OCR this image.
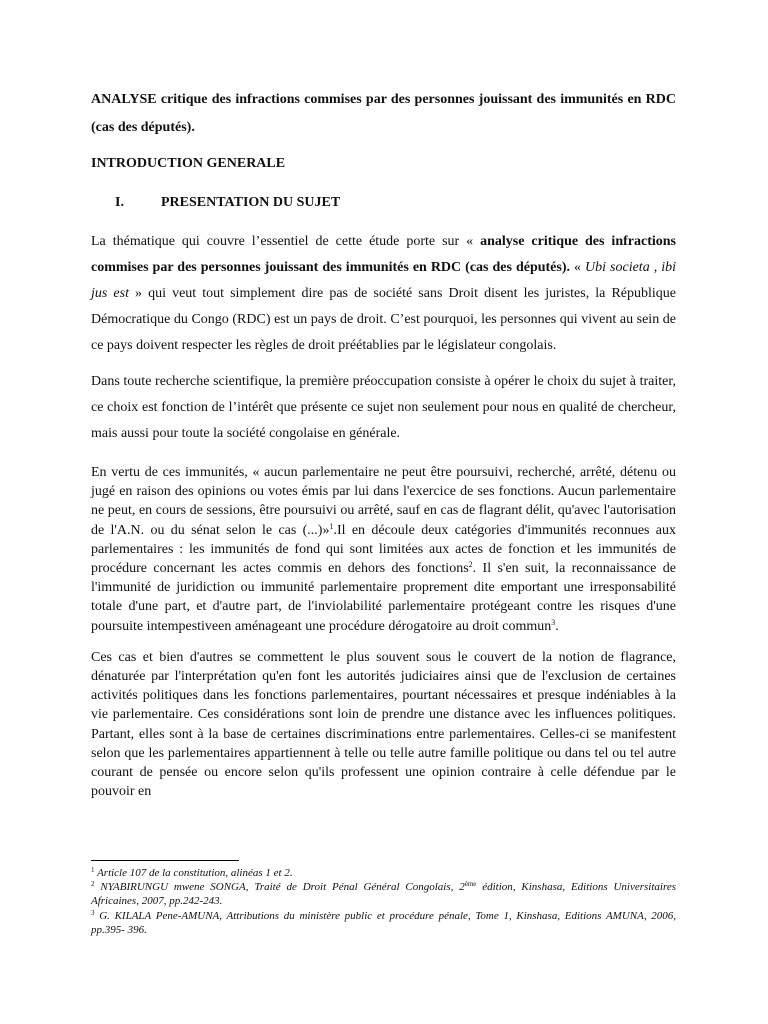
ANALYSE critique des infractions commises par des personnes jouissant des immunités en RDC (cas des députés).

INTRODUCTION GENERALE

I.	PRESENTATION DU SUJET

La thématique qui couvre l’essentiel de cette étude porte sur « analyse critique des infractions commises par des personnes jouissant des immunités en RDC (cas des députés). « Ubi societa , ibi jus est » qui veut tout simplement dire pas de société sans Droit disent les juristes, la République Démocratique du Congo (RDC) est un pays de droit. C’est pourquoi, les personnes qui vivent au sein de ce pays doivent respecter les règles de droit préétablies par le législateur congolais.

Dans toute recherche scientifique, la première préoccupation consiste à opérer le choix du sujet à traiter, ce choix est fonction de l’intérêt que présente ce sujet non seulement pour nous en qualité de chercheur, mais aussi pour toute la société congolaise en générale.

En vertu de ces immunités, « aucun parlementaire ne peut être poursuivi, recherché, arrêté, détenu ou jugé en raison des opinions ou votes émis par lui dans l'exercice de ses fonctions. Aucun parlementaire ne peut, en cours de sessions, être poursuivi ou arrêté, sauf en cas de flagrant délit, qu'avec l'autorisation de l'A.N. ou du sénat selon le cas (...)»$^1$.Il en découle deux catégories d'immunités reconnues aux parlementaires : les immunités de fond qui sont limitées aux actes de fonction et les immunités de procédure concernant les actes commis en dehors des fonctions$^2$. Il s'en suit, la reconnaissance de l'immunité de juridiction ou immunité parlementaire proprement dite emportant une irresponsabilité totale d'une part, et d'autre part, de l'inviolabilité parlementaire protégeant contre les risques d'une poursuite intempestiveen aménageant une procédure dérogatoire au droit commun$^3$.

Ces cas et bien d'autres se commettent le plus souvent sous le couvert de la notion de flagrance, dénaturée par l'interprétation qu'en font les autorités judiciaires ainsi que de l'exclusion de certaines activités politiques dans les fonctions parlementaires, pourtant nécessaires et presque indéniables à la vie parlementaire. Ces considérations sont loin de prendre une distance avec les influences politiques. Partant, elles sont à la base de certaines discriminations entre parlementaires. Celles-ci se manifestent selon que les parlementaires appartiennent à telle ou telle autre famille politique ou dans tel ou tel autre courant de pensée ou encore selon qu'ils professent une opinion contraire à celle défendue par le pouvoir en

$^1$ Article 107 de la constitution, alinéas 1 et 2.

$^2$ NYABIRUNGU mwene SONGA, Traité de Droit Pénal Général Congolais, 2ème édition, Kinshasa, Editions Universitaires Africaines, 2007, pp.242-243.

$^3$ G. KILALA Pene-AMUNA, Attributions du ministère public et procédure pénale, Tome 1, Kinshasa, Editions AMUNA, 2006, pp.395- 396.
